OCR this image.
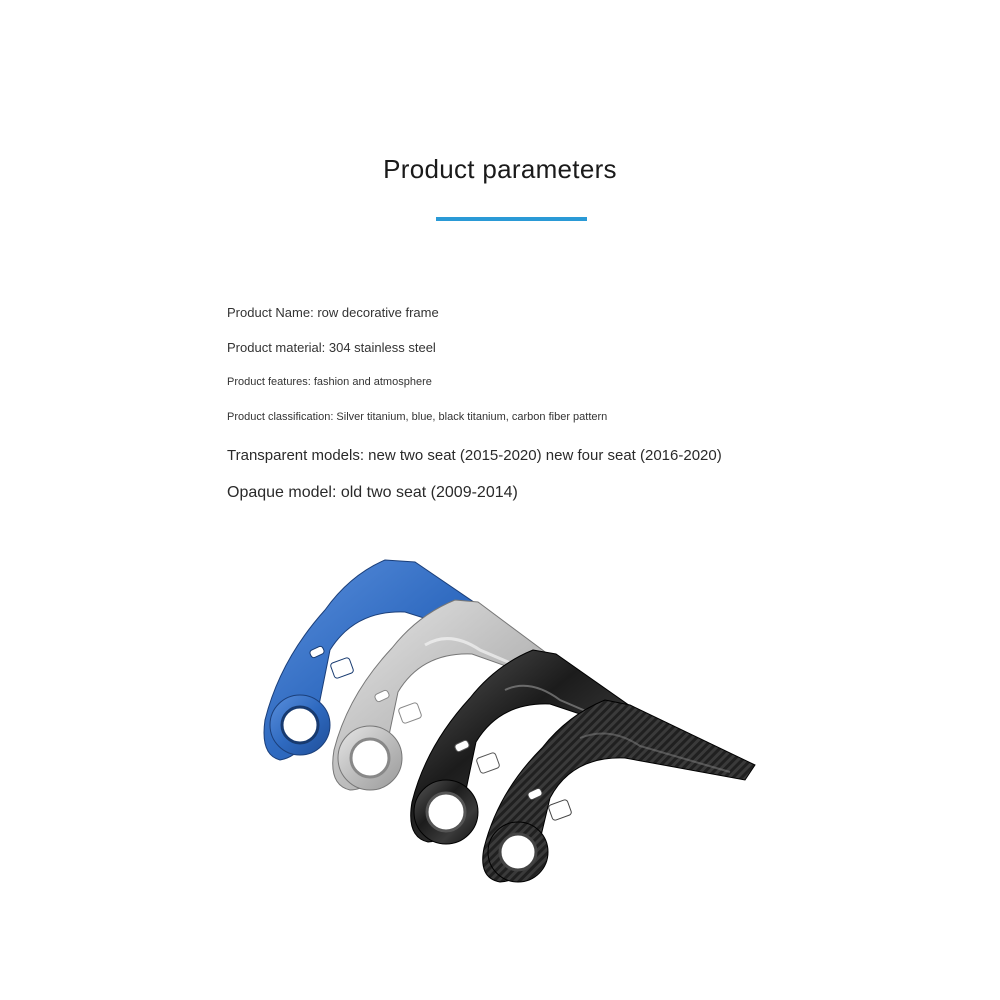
Product parameters
Product Name: row decorative frame
Product material: 304 stainless steel
Product features: fashion and atmosphere
Product classification: Silver titanium, blue, black titanium, carbon fiber pattern
Transparent models: new two seat (2015-2020) new four seat (2016-2020)
Opaque model: old two seat (2009-2014)
